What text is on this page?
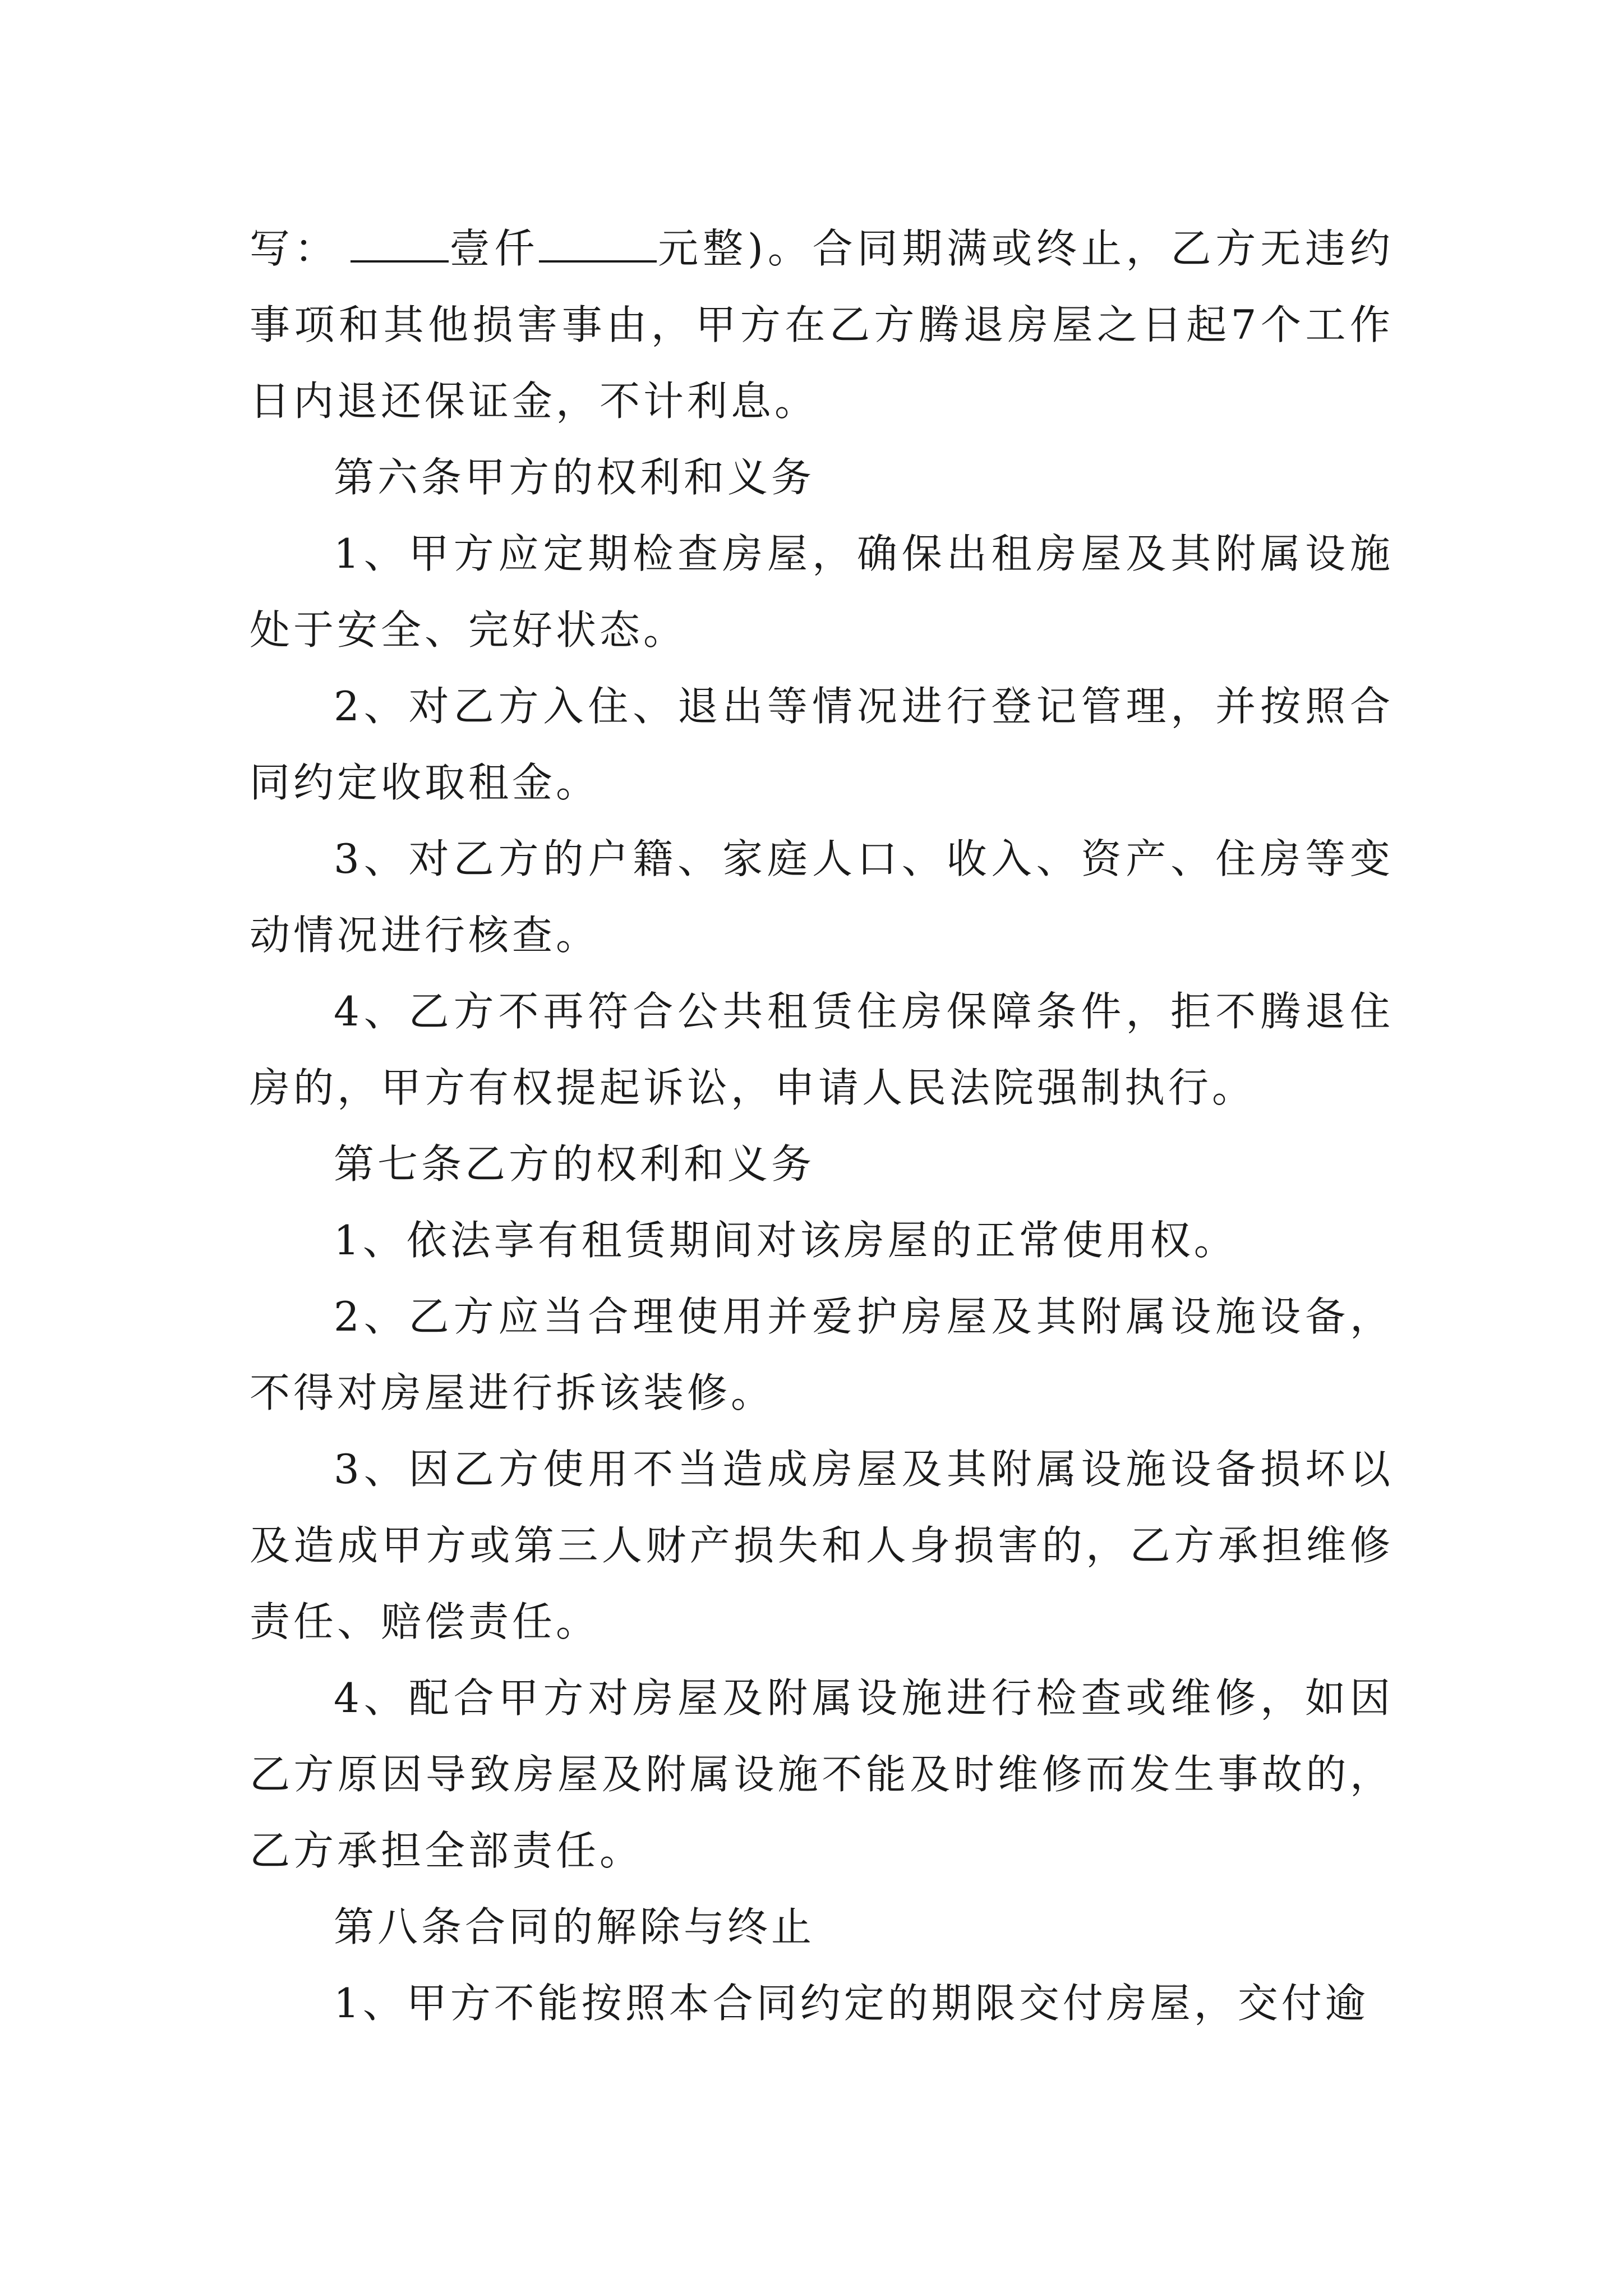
写：	壹仟	元整)。合同期满或终止，乙方无违约事项和其他损害事由，甲方在乙方腾退房屋之日起7个工作日内退还保证金，不计利息。

第六条甲方的权利和义务

1、甲方应定期检查房屋，确保出租房屋及其附属设施处于安全、完好状态。

2、对乙方入住、退出等情况进行登记管理，并按照合同约定收取租金。

3、对乙方的户籍、家庭人口、收入、资产、住房等变动情况进行核查。

4、乙方不再符合公共租赁住房保障条件，拒不腾退住房的，甲方有权提起诉讼，申请人民法院强制执行。

第七条乙方的权利和义务

1、依法享有租赁期间对该房屋的正常使用权。

2、乙方应当合理使用并爱护房屋及其附属设施设备，不得对房屋进行拆该装修。

3、因乙方使用不当造成房屋及其附属设施设备损坏以及造成甲方或第三人财产损失和人身损害的，乙方承担维修责任、赔偿责任。

4、配合甲方对房屋及附属设施进行检查或维修，如因乙方原因导致房屋及附属设施不能及时维修而发生事故的，乙方承担全部责任。

第八条合同的解除与终止

1、甲方不能按照本合同约定的期限交付房屋，交付逾
